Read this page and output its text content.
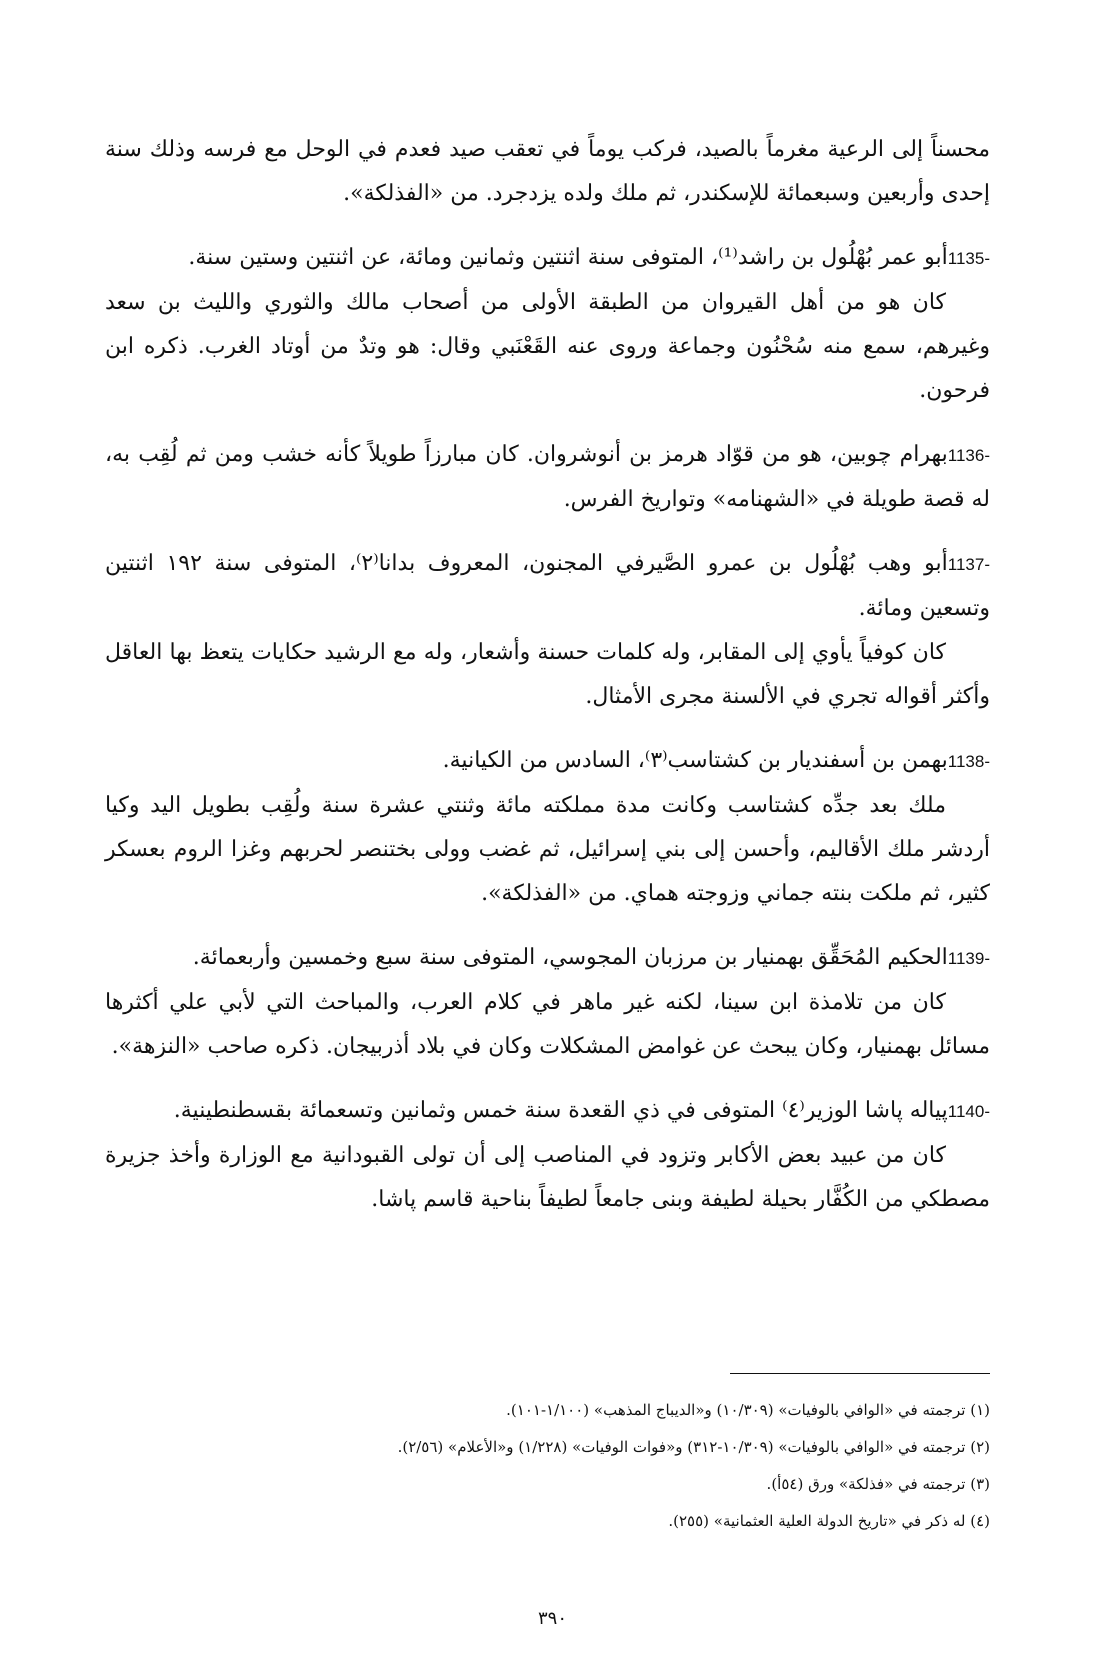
محسناً إلى الرعية مغرماً بالصيد، فركب يوماً في تعقب صيد فعدم في الوحل مع فرسه وذلك سنة إحدى وأربعين وسبعمائة للإسكندر، ثم ملك ولده يزدجرد. من «الفذلكة».

1135-أبو عمر بُهْلُول بن راشد⁽¹⁾، المتوفى سنة اثنتين وثمانين ومائة، عن اثنتين وستين سنة.

كان هو من أهل القيروان من الطبقة الأولى من أصحاب مالك والثوري والليث بن سعد وغيرهم، سمع منه سُحْنُون وجماعة وروى عنه القَعْنَبي وقال: هو وتدٌ من أوتاد الغرب. ذكره ابن فرحون.

1136-بهرام چوبين، هو من قوّاد هرمز بن أنوشروان. كان مبارزاً طويلاً كأنه خشب ومن ثم لُقِب به، له قصة طويلة في «الشهنامه» وتواريخ الفرس.

1137-أبو وهب بُهْلُول بن عمرو الصَّيرفي المجنون، المعروف بدانا⁽٢⁾، المتوفى سنة ١٩٢ اثنتين وتسعين ومائة.

كان كوفياً يأوي إلى المقابر، وله كلمات حسنة وأشعار، وله مع الرشيد حكايات يتعظ بها العاقل وأكثر أقواله تجري في الألسنة مجرى الأمثال.

1138-بهمن بن أسفنديار بن كشتاسب⁽٣⁾، السادس من الكيانية.

ملك بعد جدِّه كشتاسب وكانت مدة مملكته مائة وثنتي عشرة سنة ولُقِب بطويل اليد وكيا أردشر ملك الأقاليم، وأحسن إلى بني إسرائيل، ثم غضب وولى بختنصر لحربهم وغزا الروم بعسكر كثير، ثم ملكت بنته جماني وزوجته هماي. من «الفذلكة».

1139-الحكيم المُحَقِّق بهمنيار بن مرزبان المجوسي، المتوفى سنة سبع وخمسين وأربعمائة.

كان من تلامذة ابن سينا، لكنه غير ماهر في كلام العرب، والمباحث التي لأبي علي أكثرها مسائل بهمنيار، وكان يبحث عن غوامض المشكلات وكان في بلاد أذربيجان. ذكره صاحب «النزهة».

1140-پياله پاشا الوزير⁽٤⁾ المتوفى في ذي القعدة سنة خمس وثمانين وتسعمائة بقسطنطينية.

كان من عبيد بعض الأكابر وتزود في المناصب إلى أن تولى القبودانية مع الوزارة وأخذ جزيرة مصطكي من الكُفَّار بحيلة لطيفة وبنى جامعاً لطيفاً بناحية قاسم پاشا.

(١) ترجمته في «الوافي بالوفيات» (١٠/٣٠٩) و«الديباج المذهب» (١/١٠٠-١٠١).

(٢) ترجمته في «الوافي بالوفيات» (١٠/٣٠٩-٣١٢) و«فوات الوفيات» (١/٢٢٨) و«الأعلام» (٢/٥٦).

(٣) ترجمته في «فذلكة» ورق (٥٤أ).

(٤) له ذكر في «تاريخ الدولة العلية العثمانية» (٢٥٥).

٣٩٠
